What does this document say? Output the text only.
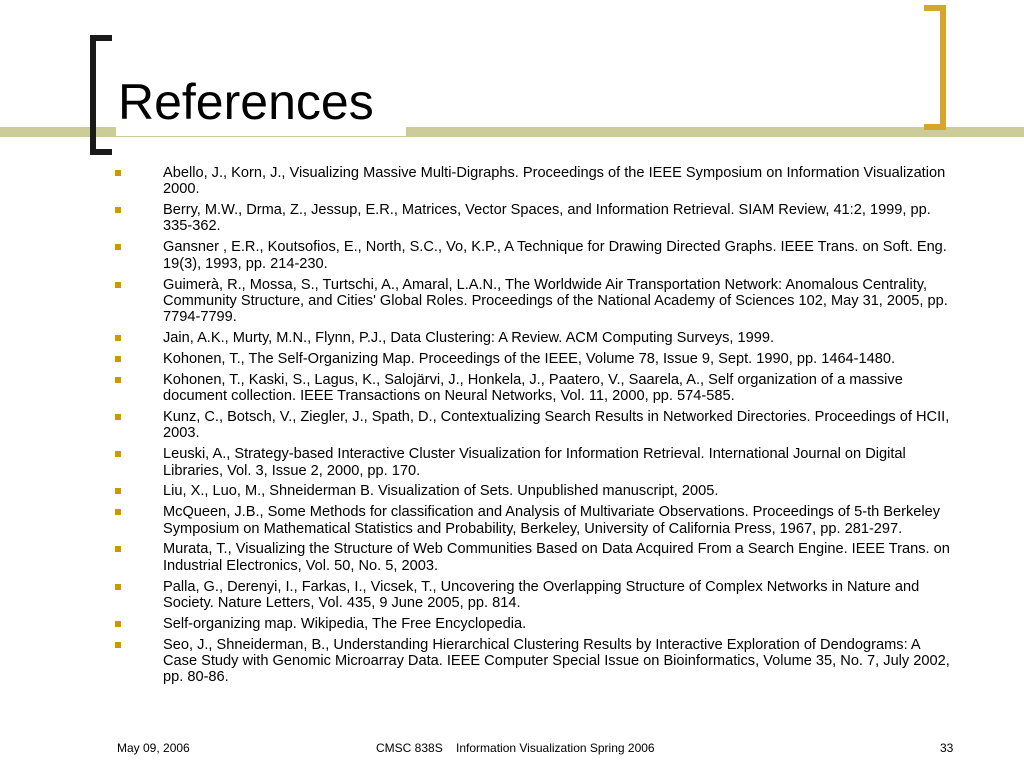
References
Abello, J., Korn, J., Visualizing Massive Multi-Digraphs. Proceedings of the IEEE Symposium on Information Visualization 2000.
Berry, M.W., Drma, Z., Jessup, E.R., Matrices, Vector Spaces, and Information Retrieval. SIAM Review, 41:2, 1999, pp. 335-362.
Gansner , E.R., Koutsofios, E., North, S.C., Vo, K.P., A Technique for Drawing Directed Graphs. IEEE Trans. on Soft. Eng. 19(3), 1993, pp. 214-230.
Guimerà, R., Mossa, S., Turtschi, A., Amaral, L.A.N., The Worldwide Air Transportation Network: Anomalous Centrality, Community Structure, and Cities' Global Roles. Proceedings of the National Academy of Sciences 102, May 31, 2005, pp. 7794-7799.
Jain, A.K., Murty, M.N., Flynn, P.J., Data Clustering: A Review. ACM Computing Surveys, 1999.
Kohonen, T., The Self-Organizing Map. Proceedings of the IEEE, Volume 78, Issue 9, Sept. 1990, pp. 1464-1480.
Kohonen, T., Kaski, S., Lagus, K., Salojärvi, J., Honkela, J., Paatero, V., Saarela, A., Self organization of a massive document collection. IEEE Transactions on Neural Networks, Vol. 11, 2000, pp. 574-585.
Kunz, C., Botsch, V., Ziegler, J., Spath, D., Contextualizing Search Results in Networked Directories. Proceedings of HCII, 2003.
Leuski, A., Strategy-based Interactive Cluster Visualization for Information Retrieval. International Journal on Digital Libraries, Vol. 3, Issue 2, 2000, pp. 170.
Liu, X., Luo, M., Shneiderman B. Visualization of Sets. Unpublished manuscript, 2005.
McQueen, J.B., Some Methods for classification and Analysis of Multivariate Observations. Proceedings of 5-th Berkeley Symposium on Mathematical Statistics and Probability, Berkeley, University of California Press, 1967, pp. 281-297.
Murata, T., Visualizing the Structure of Web Communities Based on Data Acquired From a Search Engine. IEEE Trans. on Industrial Electronics, Vol. 50, No. 5, 2003.
Palla, G., Derenyi, I., Farkas, I., Vicsek, T., Uncovering the Overlapping Structure of Complex Networks in Nature and Society. Nature Letters, Vol. 435, 9 June 2005, pp. 814.
Self-organizing map. Wikipedia, The Free Encyclopedia.
Seo, J., Shneiderman, B., Understanding Hierarchical Clustering Results by Interactive Exploration of Dendograms: A Case Study with Genomic Microarray Data. IEEE Computer Special Issue on Bioinformatics, Volume 35, No. 7, July 2002, pp. 80-86.
May 09, 2006	CMSC 838S    Information Visualization Spring 2006	33
